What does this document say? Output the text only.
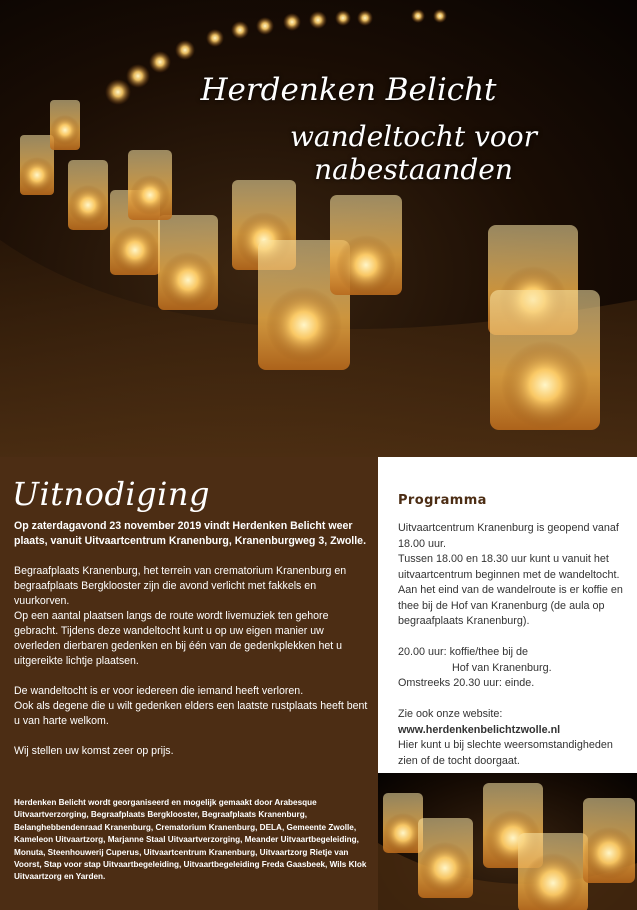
Herdenken Belicht
wandeltocht voor nabestaanden
Uitnodiging

Op zaterdagavond 23 november 2019 vindt Herdenken Belicht weer plaats, vanuit Uitvaartcentrum Kranenburg, Kranenburgweg 3, Zwolle.

Begraafplaats Kranenburg, het terrein van crematorium Kranenburg en begraafplaats Bergklooster zijn die avond verlicht met fakkels en vuurkorven.
Op een aantal plaatsen langs de route wordt livemuziek ten gehore gebracht. Tijdens deze wandeltocht kunt u op uw eigen manier uw overleden dierbaren gedenken en bij één van de gedenkplekken het u uitgereikte lichtje plaatsen.

De wandeltocht is er voor iedereen die iemand heeft verloren.
Ook als degene die u wilt gedenken elders een laatste rustplaats heeft bent u van harte welkom.

Wij stellen uw komst zeer op prijs.

Herdenken Belicht wordt georganiseerd en mogelijk gemaakt door Arabesque Uitvaartverzorging, Begraafplaats Bergklooster, Begraafplaats Kranenburg, Belanghebbendenraad Kranenburg, Crematorium Kranenburg, DELA, Gemeente Zwolle, Kameleon Uitvaartzorg, Marjanne Staal Uitvaartverzorging, Meander Uitvaartbegeleiding, Monuta, Steenhouwerij Cuperus, Uitvaartcentrum Kranenburg, Uitvaartzorg Rietje van Voorst, Stap voor stap Uitvaartbegeleiding, Uitvaartbegeleiding Freda Gaasbeek, Wils Klok Uitvaartzorg en Yarden.
Programma

Uitvaartcentrum Kranenburg is geopend vanaf 18.00 uur.
Tussen 18.00 en 18.30 uur kunt u vanuit het uitvaartcentrum beginnen met de wandeltocht. Aan het eind van de wandelroute is er koffie en thee bij de Hof van Kranenburg (de aula op begraafplaats Kranenburg).

20.00 uur: koffie/thee bij de

Hof van Kranenburg.
Omstreeks 20.30 uur: einde.

Zie ook onze website:
www.herdenkenbelichtzwolle.nl
Hier kunt u bij slechte weersomstandigheden zien of de tocht doorgaat.
